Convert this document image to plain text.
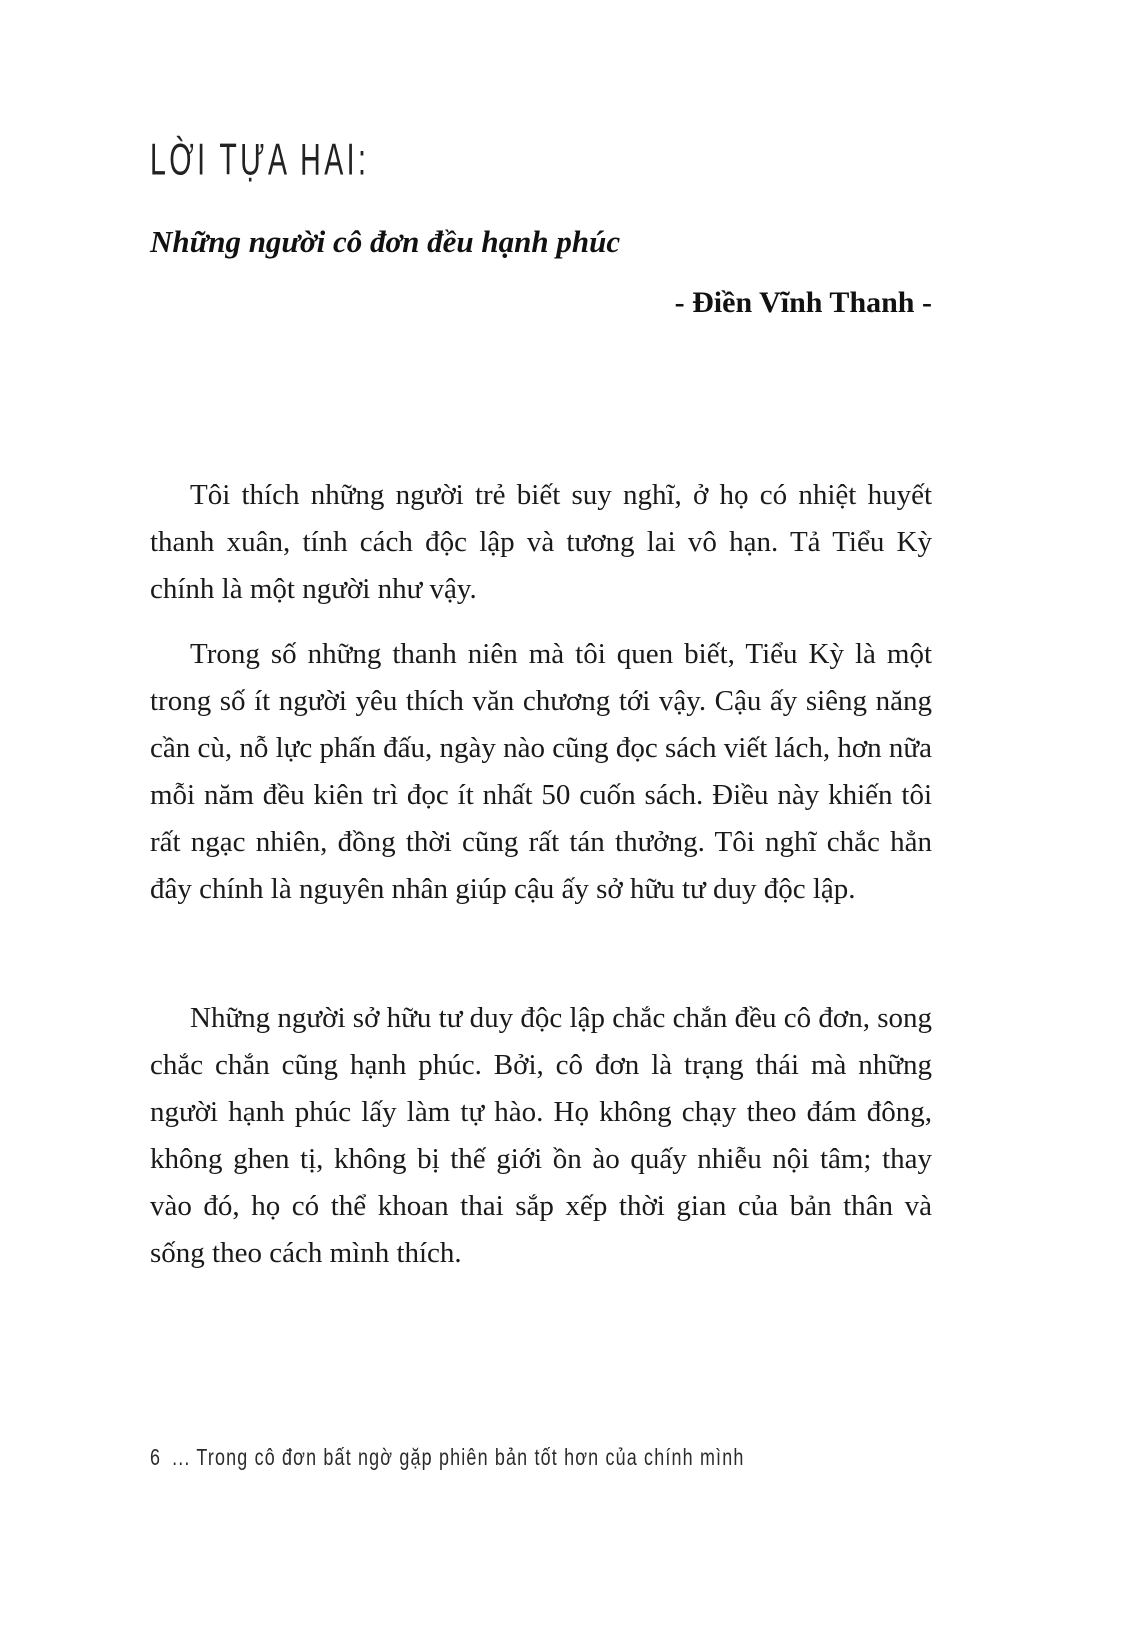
LỜI TỰA HAI:
Những người cô đơn đều hạnh phúc
- Điền Vĩnh Thanh -

Tôi thích những người trẻ biết suy nghĩ, ở họ có nhiệt huyết thanh xuân, tính cách độc lập và tương lai vô hạn. Tả Tiểu Kỳ chính là một người như vậy.

Trong số những thanh niên mà tôi quen biết, Tiểu Kỳ là một trong số ít người yêu thích văn chương tới vậy. Cậu ấy siêng năng cần cù, nỗ lực phấn đấu, ngày nào cũng đọc sách viết lách, hơn nữa mỗi năm đều kiên trì đọc ít nhất 50 cuốn sách. Điều này khiến tôi rất ngạc nhiên, đồng thời cũng rất tán thưởng. Tôi nghĩ chắc hẳn đây chính là nguyên nhân giúp cậu ấy sở hữu tư duy độc lập.

Những người sở hữu tư duy độc lập chắc chắn đều cô đơn, song chắc chắn cũng hạnh phúc. Bởi, cô đơn là trạng thái mà những người hạnh phúc lấy làm tự hào. Họ không chạy theo đám đông, không ghen tị, không bị thế giới ồn ào quấy nhiễu nội tâm; thay vào đó, họ có thể khoan thai sắp xếp thời gian của bản thân và sống theo cách mình thích.

6 ... Trong cô đơn bất ngờ gặp phiên bản tốt hơn của chính mình
